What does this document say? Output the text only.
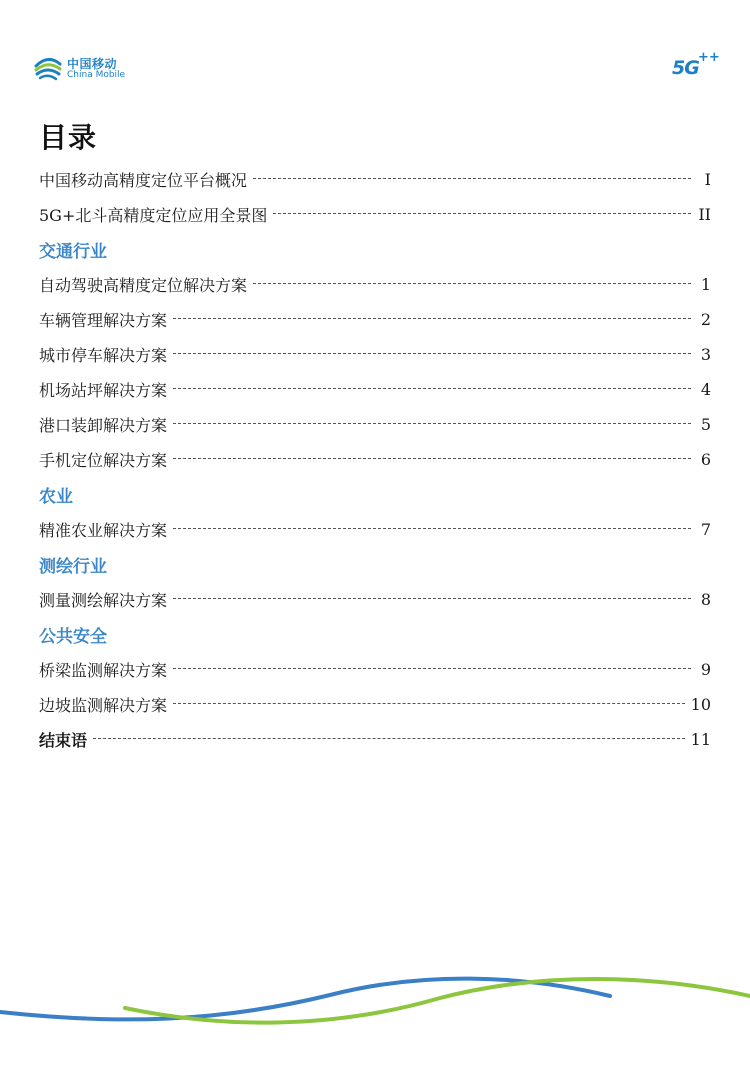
中国移动
China Mobile	5G ++
目录
中国移动高精度定位平台概况	I
5G+北斗高精度定位应用全景图	II
交通行业
自动驾驶高精度定位解决方案	1
车辆管理解决方案	2
城市停车解决方案	3
机场站坪解决方案	4
港口装卸解决方案	5
手机定位解决方案	6
农业
精准农业解决方案	7
测绘行业
测量测绘解决方案	8
公共安全
桥梁监测解决方案	9
边坡监测解决方案	10
结束语	11
